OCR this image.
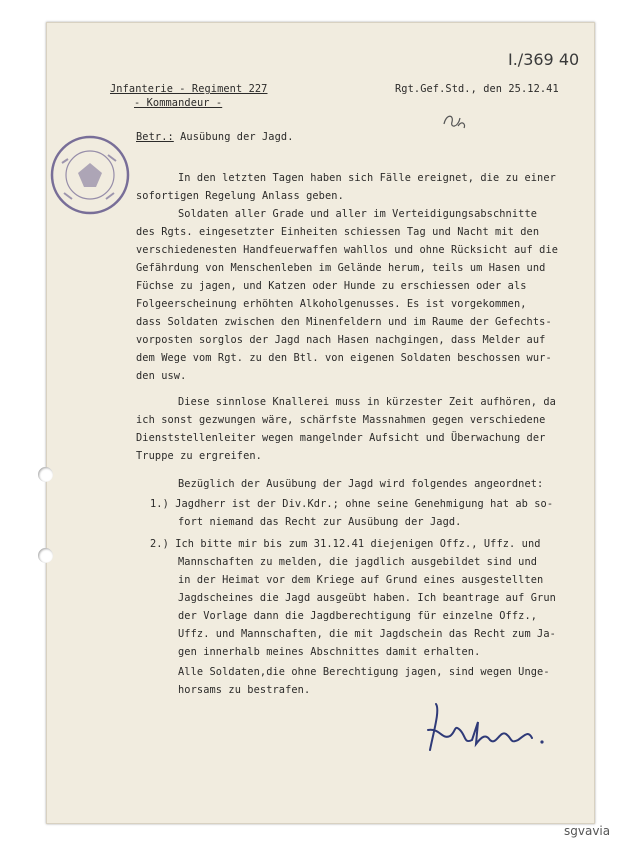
I./369 40
Jnfanterie - Regiment 227
- Kommandeur -
Rgt.Gef.Std., den 25.12.41
Betr.: Ausübung der Jagd.
In den letzten Tagen haben sich Fälle ereignet, die zu einer
sofortigen Regelung Anlass geben.
Soldaten aller Grade und aller im Verteidigungsabschnitte
des Rgts. eingesetzter Einheiten schiessen Tag und Nacht mit den
verschiedenesten Handfeuerwaffen wahllos und ohne Rücksicht auf die
Gefährdung von Menschenleben im Gelände herum, teils um Hasen und
Füchse zu jagen, und Katzen oder Hunde zu erschiessen oder als
Folgeerscheinung erhöhten Alkoholgenusses. Es ist vorgekommen,
dass Soldaten zwischen den Minenfeldern und im Raume der Gefechts-
vorposten sorglos der Jagd nach Hasen nachgingen, dass Melder auf
dem Wege vom Rgt. zu den Btl. von eigenen Soldaten beschossen wur-
den usw.
Diese sinnlose Knallerei muss in kürzester Zeit aufhören, da
ich sonst gezwungen wäre, schärfste Massnahmen gegen verschiedene
Dienststellenleiter wegen mangelnder Aufsicht und Überwachung der
Truppe zu ergreifen.
Bezüglich der Ausübung der Jagd wird folgendes angeordnet:
1.) Jagdherr ist der Div.Kdr.; ohne seine Genehmigung hat ab so-
fort niemand das Recht zur Ausübung der Jagd.
2.) Ich bitte mir bis zum 31.12.41 diejenigen Offz., Uffz. und
Mannschaften zu melden, die jagdlich ausgebildet sind und
in der Heimat vor dem Kriege auf Grund eines ausgestellten
Jagdscheines die Jagd ausgeübt haben. Ich beantrage auf Grun
der Vorlage dann die Jagdberechtigung für einzelne Offz.,
Uffz. und Mannschaften, die mit Jagdschein das Recht zum Ja-
gen innerhalb meines Abschnittes damit erhalten.
Alle Soldaten,die ohne Berechtigung jagen, sind wegen Unge-
horsams zu bestrafen.
sgvavia
